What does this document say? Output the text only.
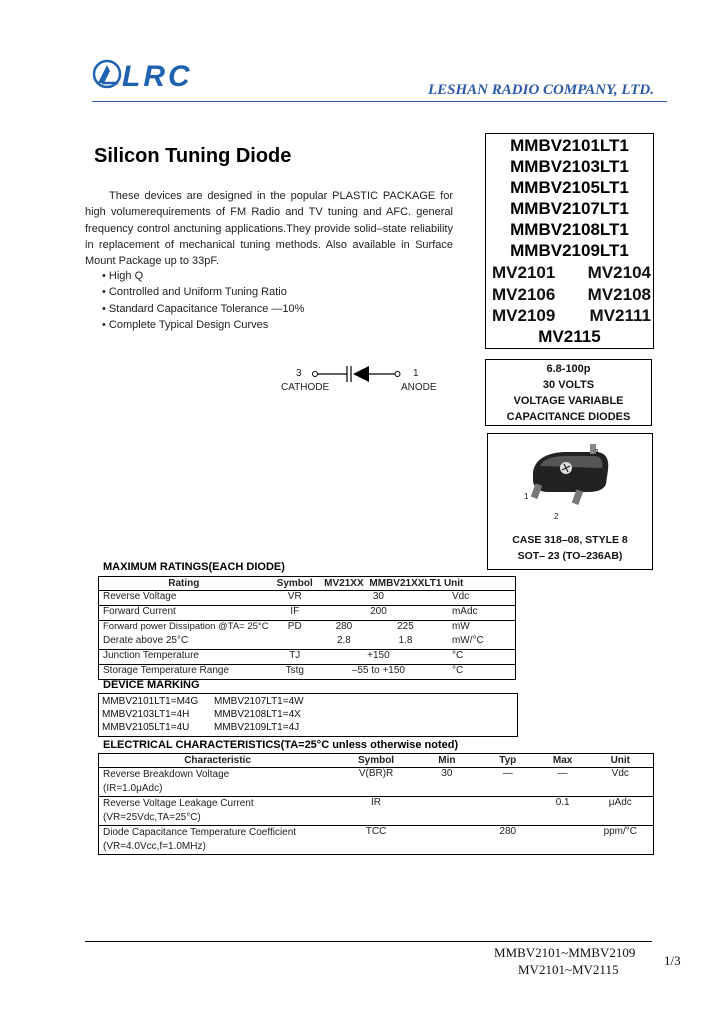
LRC	LESHAN RADIO COMPANY, LTD.
Silicon Tuning Diode
These devices are designed in the popular PLASTIC PACKAGE for high volumerequirements of FM Radio and TV tuning and AFC. general frequency control anctuning applications.They provide solid–state reliability in replacement of mechanical tuning methods. Also available in Surface Mount Package up to 33pF.
• High Q
• Controlled and Uniform Tuning Ratio
• Standard Capacitance Tolerance —10%
• Complete Typical Design Curves
MMBV2101LT1
MMBV2103LT1
MMBV2105LT1
MMBV2107LT1
MMBV2108LT1
MMBV2109LT1
MV2101 MV2104
MV2106 MV2108
MV2109 MV2111
MV2115
6.8-100p
30 VOLTS
VOLTAGE VARIABLE
CAPACITANCE DIODES
3
CATHODE
1
ANODE
3
1
2
CASE 318–08, STYLE 8
SOT– 23 (TO–236AB)
MAXIMUM RATINGS(EACH DIODE)
Rating	Symbol	MV21XX	MMBV21XXLT1	Unit
Reverse Voltage	VR	30		Vdc
Forward Current	IF	200		mAdc
Forward power Dissipation @TA= 25°C	PD	280	225	mW
Derate above 25°C		2.8	1.8	mW/°C
Junction Temperature	TJ	+150		°C
Storage Temperature Range	Tstg	–55 to +150		°C
DEVICE MARKING
MMBV2101LT1=M4G MMBV2107LT1=4W
MMBV2103LT1=4H MMBV2108LT1=4X
MMBV2105LT1=4U MMBV2109LT1=4J
ELECTRICAL CHARACTERISTICS(TA=25°C unless otherwise noted)
Characteristic	Symbol	Min	Typ	Max	Unit

Reverse Breakdown Voltage
(IR=1.0μAdc)	V(BR)R	30	—	—	Vdc

Reverse Voltage Leakage Current
(VR=25Vdc,TA=25°C)	IR			0.1	μAdc

Diode Capacitance Temperature Coefficient
(VR=4.0Vcc,f=1.0MHz)	TCC		280		ppm/°C
MMBV2101~MMBV2109
MV2101~MV2115
1/3
